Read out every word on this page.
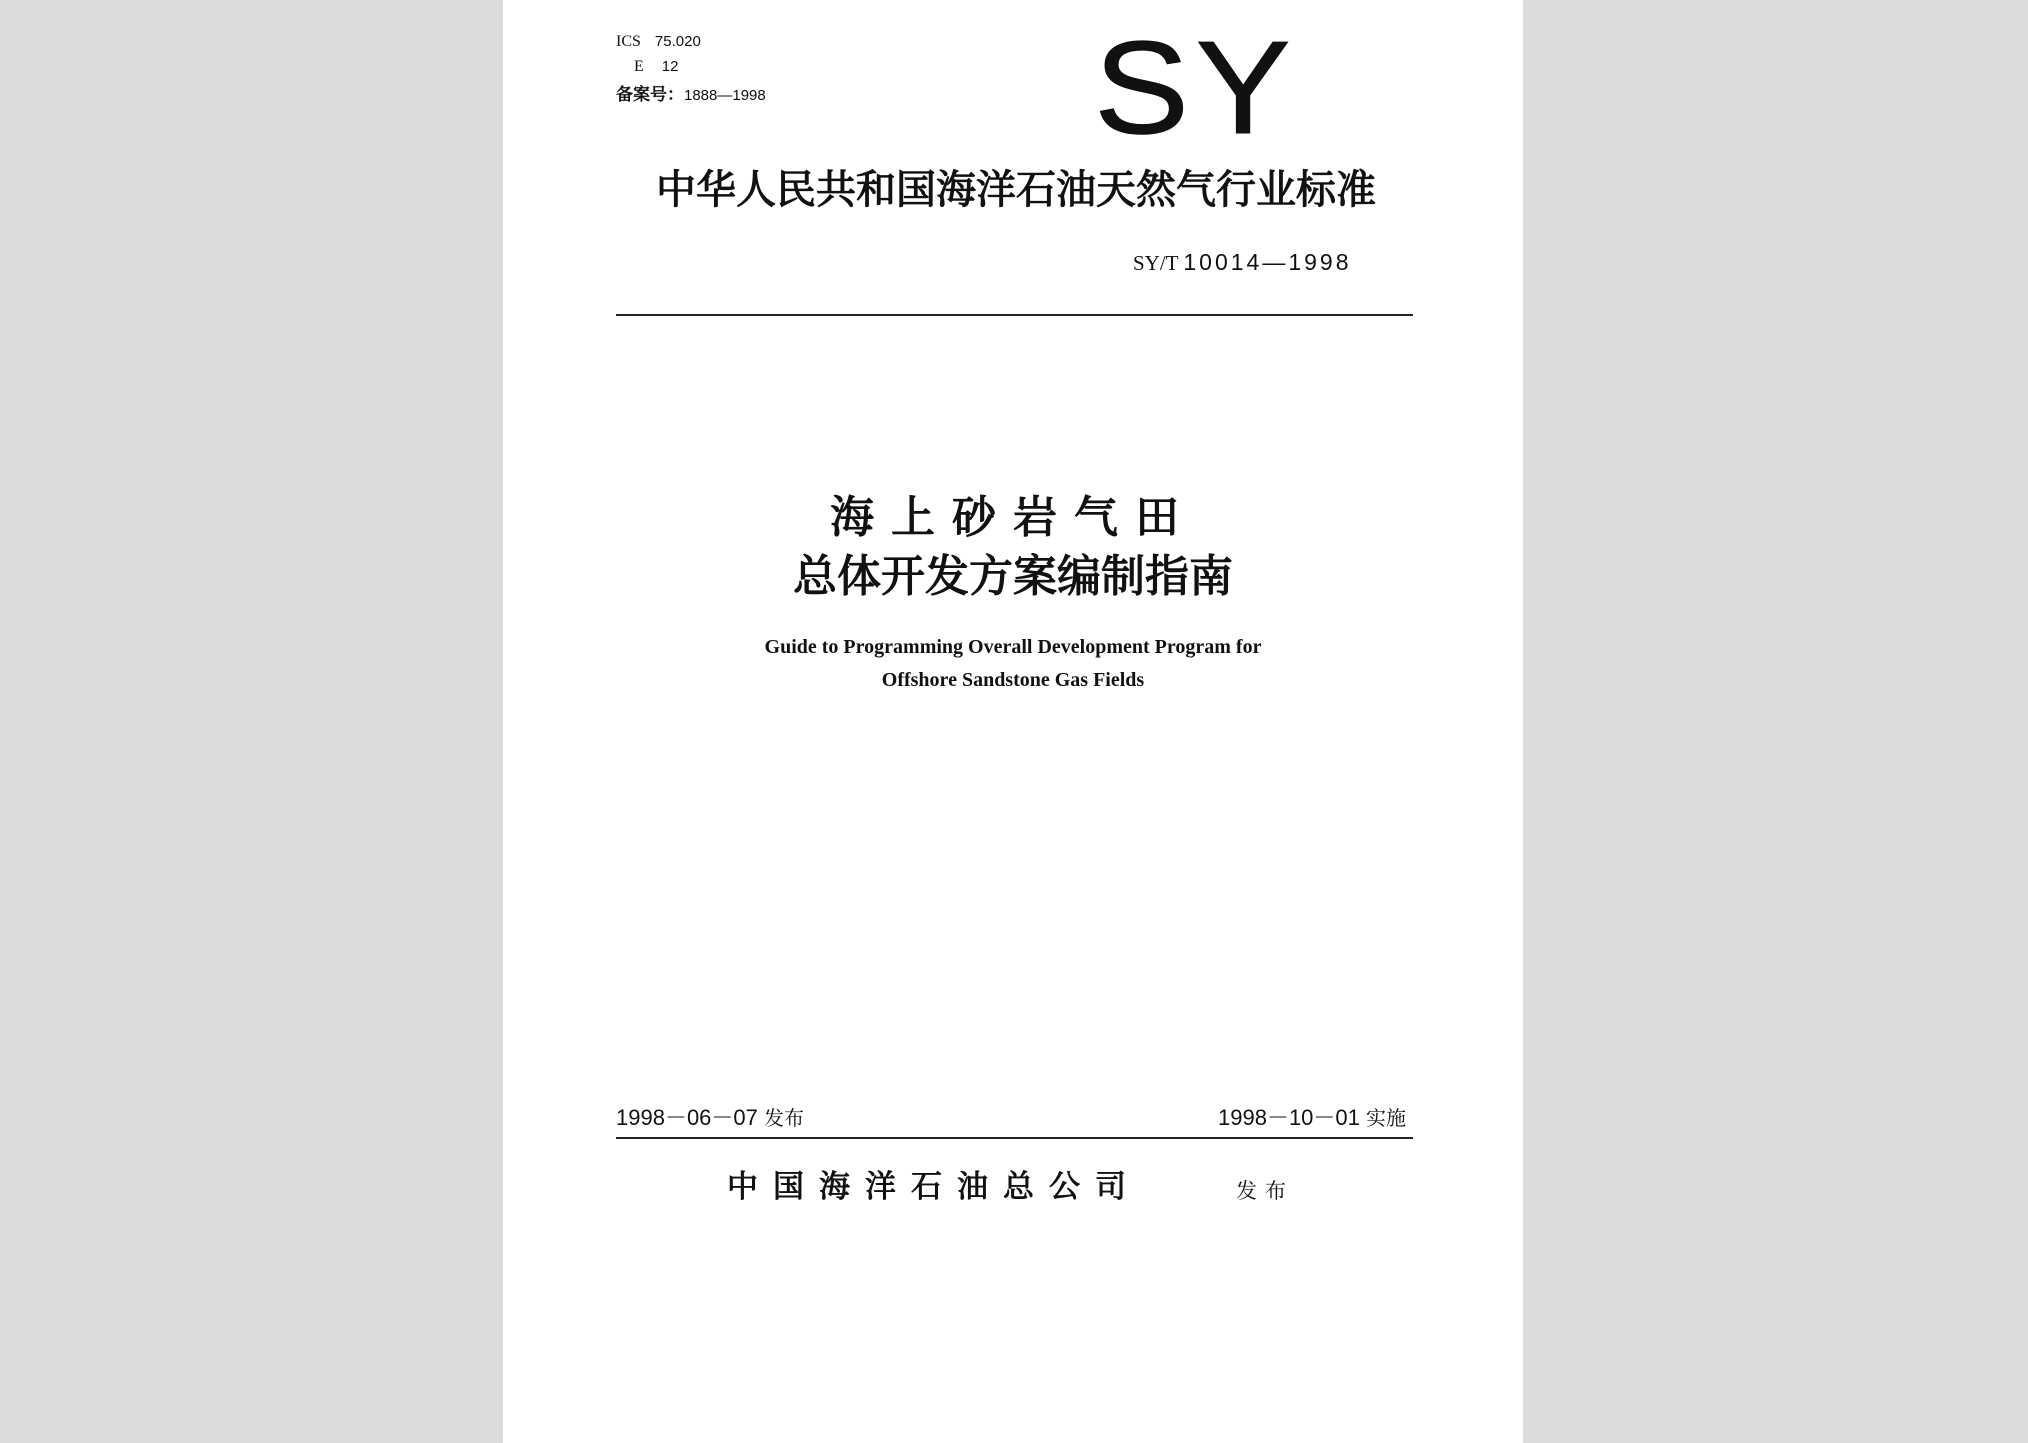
ICS 75.020
E 12
备案号：1888—1998 SY
中华人民共和国海洋石油天然气行业标准
SY/T 10014—1998
海上砂岩气田
总体开发方案编制指南
Guide to Programming Overall Development Program for
Offshore Sandstone Gas Fields
1998－06－07 发布	1998－10－01 实施
中国海洋石油总公司	发布
